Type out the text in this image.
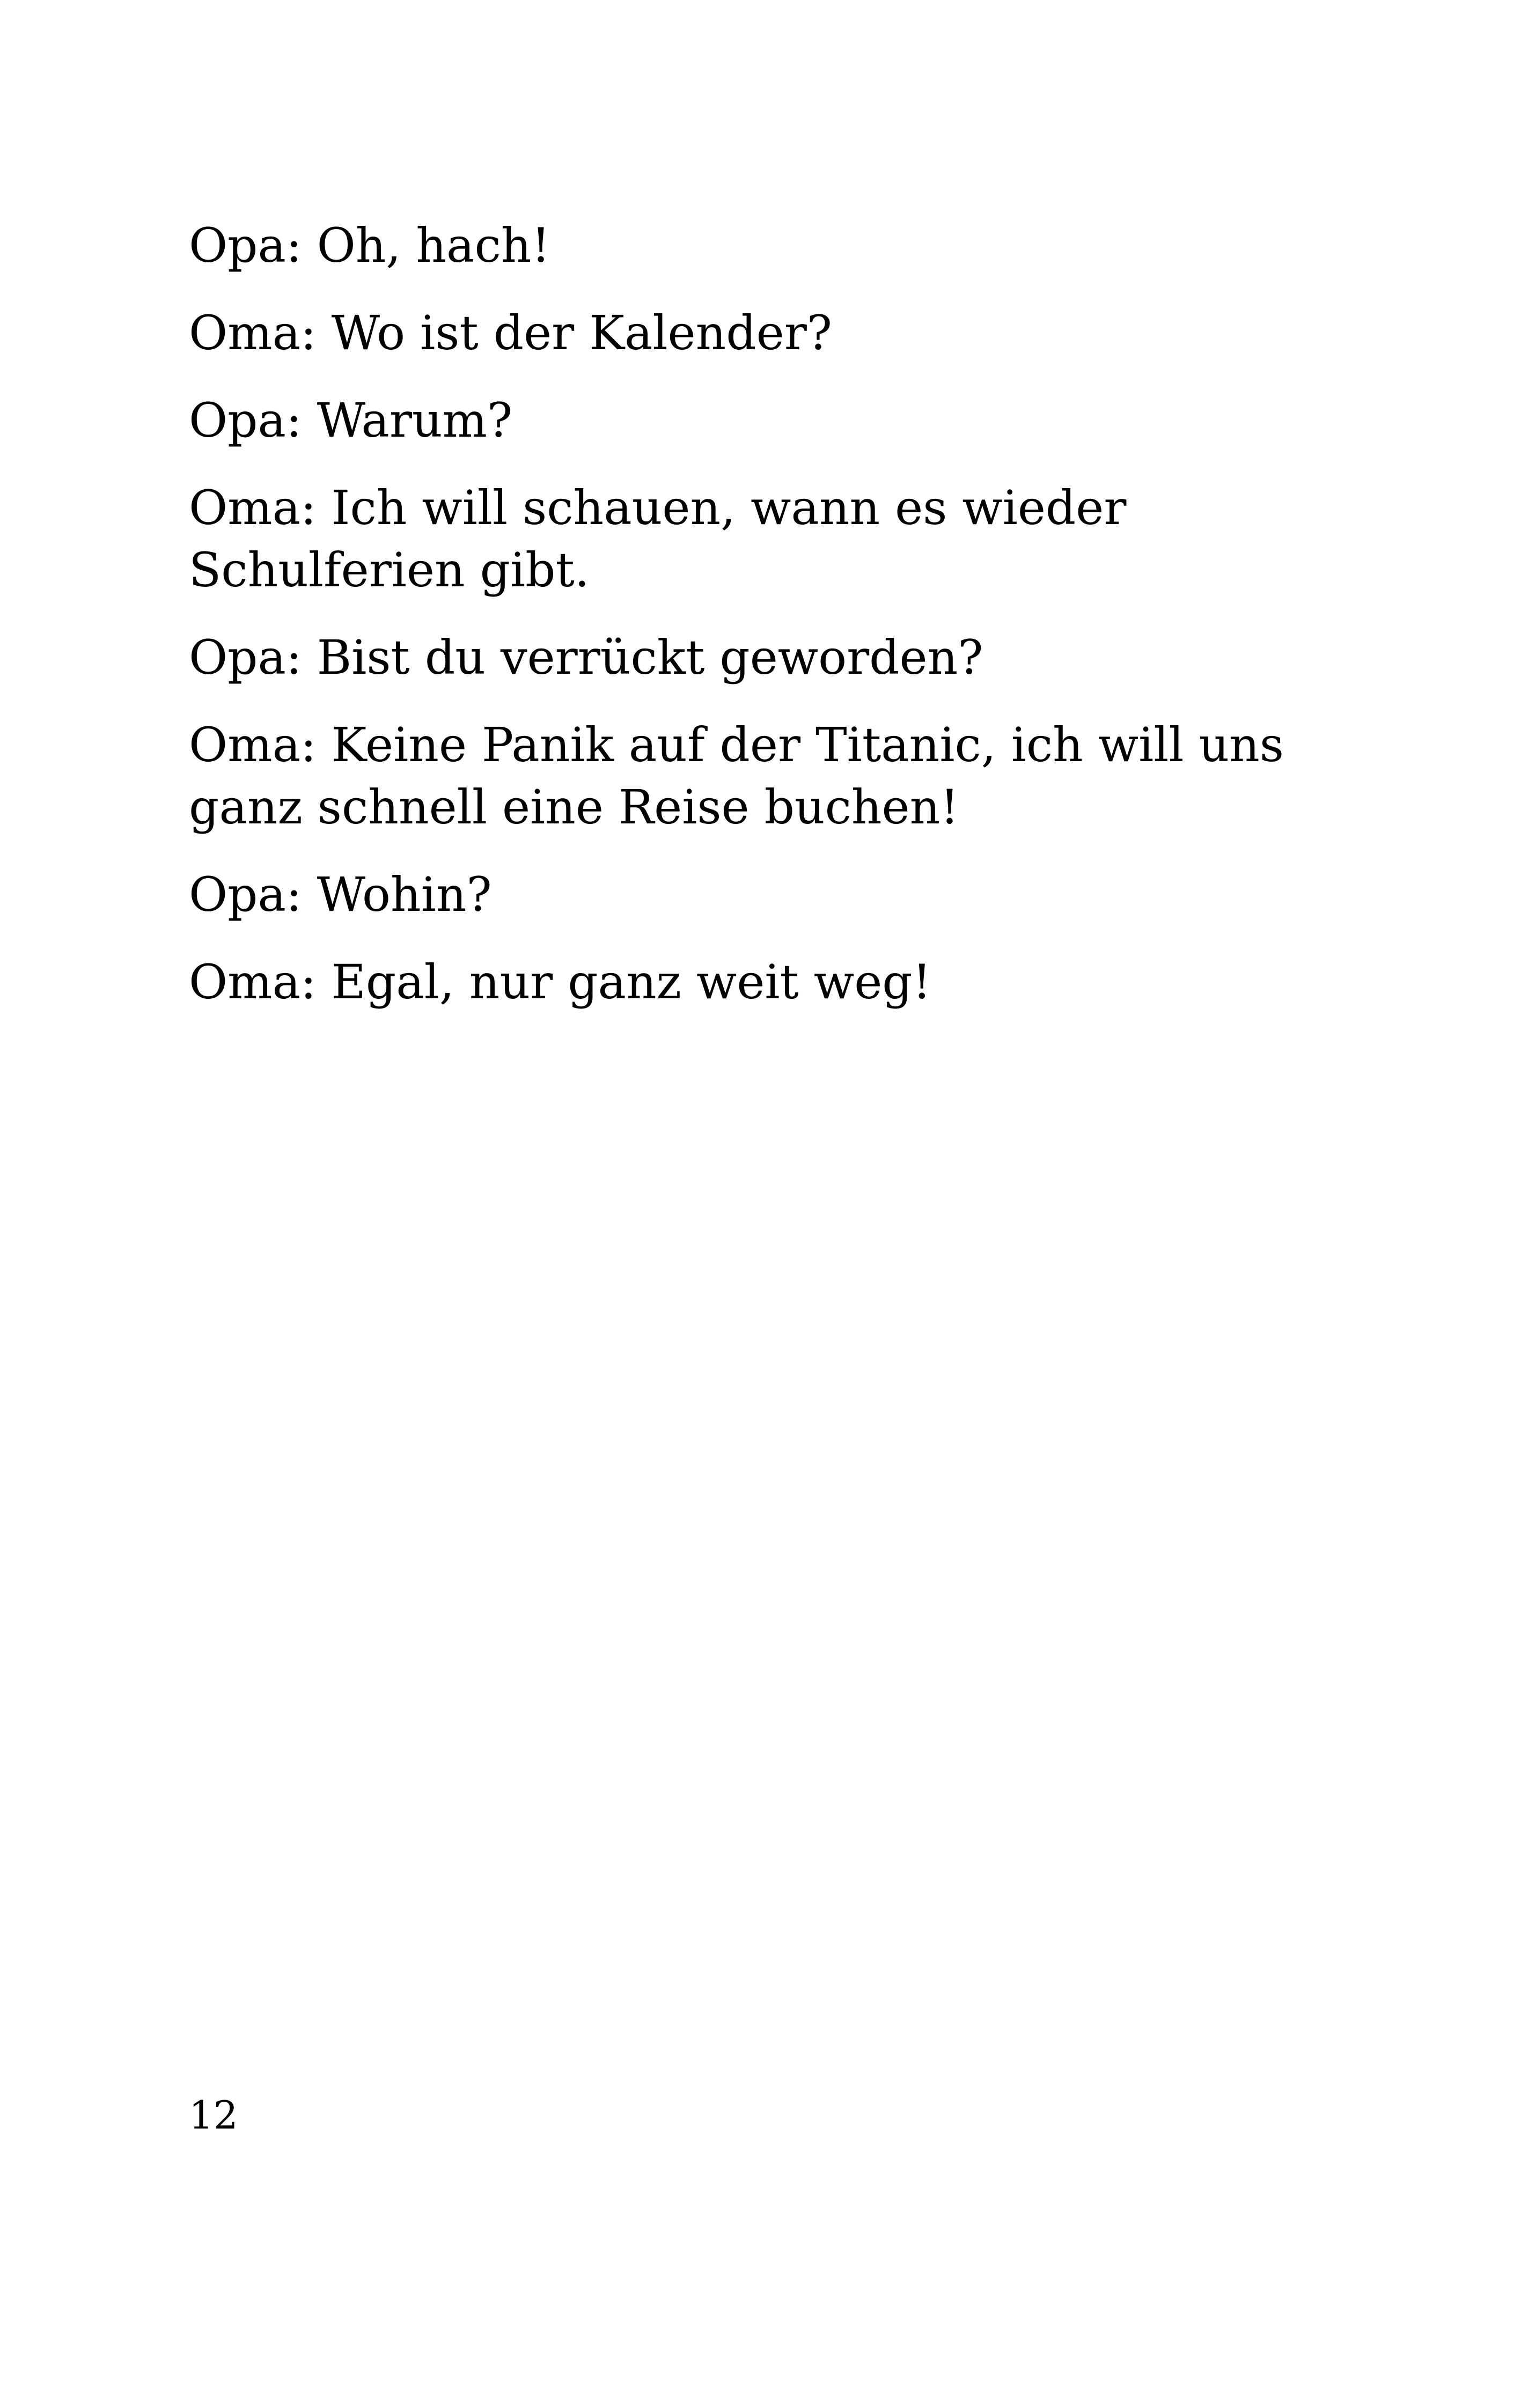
Opa: Oh, hach!

Oma: Wo ist der Kalender?

Opa: Warum?

Oma: Ich will schauen, wann es wieder Schulferien gibt.

Opa: Bist du verrückt geworden?

Oma: Keine Panik auf der Titanic, ich will uns ganz schnell eine Reise buchen!

Opa: Wohin?

Oma: Egal, nur ganz weit weg!

12
